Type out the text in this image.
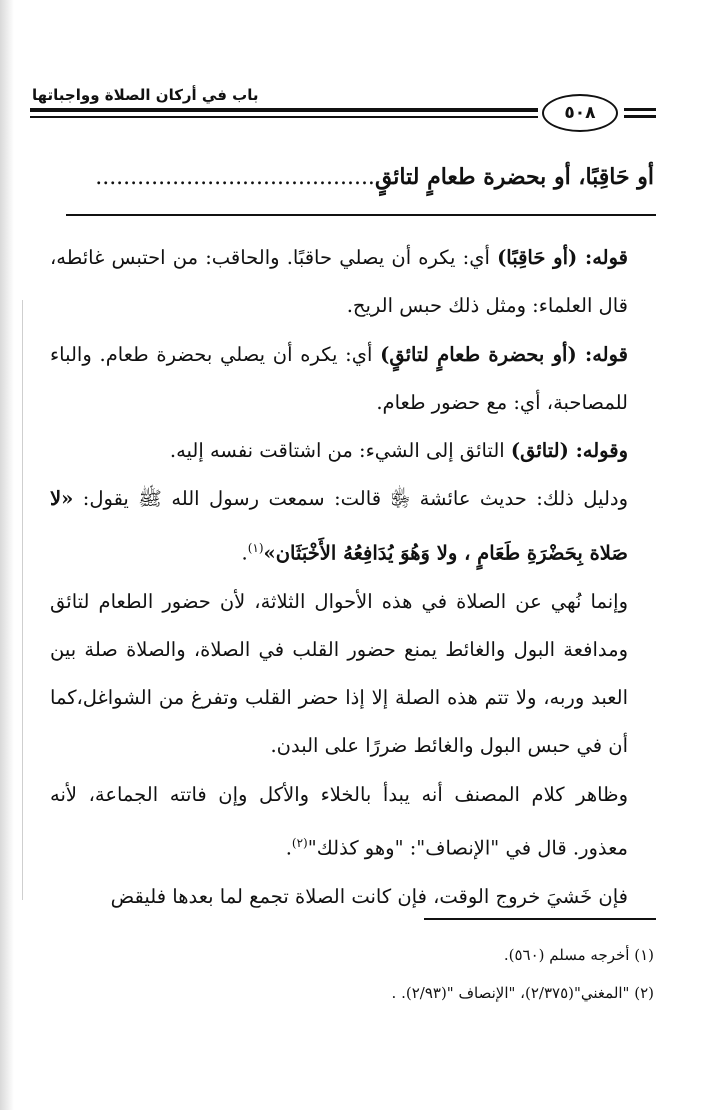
باب في أركان الصلاة وواجباتها
٥٠٨
أو حَاقِبًا، أو بحضرة طعامٍ لتائقٍ........................................

قوله: (أو حَاقِبًا) أي: يكره أن يصلي حاقبًا. والحاقب: من احتبس غائطه، قال العلماء: ومثل ذلك حبس الريح.

قوله: (أو بحضرة طعامٍ لتائقٍ) أي: يكره أن يصلي بحضرة طعام. والباء للمصاحبة، أي: مع حضور طعام.

وقوله: (لتائق) التائق إلى الشيء: من اشتاقت نفسه إليه.

ودليل ذلك: حديث عائشة ﵂ قالت: سمعت رسول الله ﷺ يقول: «لا صَلاة بِحَضْرَةِ طَعَامٍ ، ولا وَهُوَ يُدَافِعُهُ الأَخْبَثَان»$^{(١)}$.

وإنما نُهي عن الصلاة في هذه الأحوال الثلاثة، لأن حضور الطعام لتائق ومدافعة البول والغائط يمنع حضور القلب في الصلاة، والصلاة صلة بين العبد وربه، ولا تتم هذه الصلة إلا إذا حضر القلب وتفرغ من الشواغل،كما أن في حبس البول والغائط ضررًا على البدن.

وظاهر كلام المصنف أنه يبدأ بالخلاء والأكل وإن فاتته الجماعة، لأنه معذور. قال في "الإنصاف": "وهو كذلك"$^{(٢)}$.

فإن خَشيَ خروج الوقت، فإن كانت الصلاة تجمع لما بعدها فليقض

(١) أخرجه مسلم (٥٦٠).

(٢) "المغني"(٢/٣٧٥)، "الإنصاف "(٢/٩٣). .
